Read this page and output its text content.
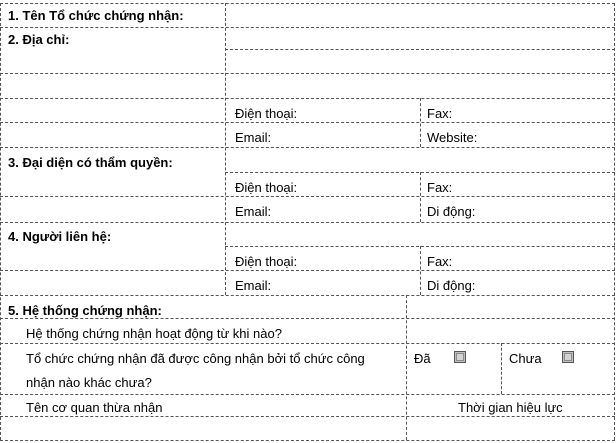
1. Tên Tổ chức chứng nhận:
2. Địa chỉ:
Điện thoại:	Fax:
Email:	Website:
3. Đại diện có thẩm quyền:
Điện thoại:	Fax:
Email:	Di động:
4. Người liên hệ:
Điện thoại:	Fax:
Email:	Di động:
5. Hệ thống chứng nhận:
Hệ thống chứng nhận hoạt động từ khi nào?
Tổ chức chứng nhận đã được công nhận bởi tổ chức công
nhận nào khác chưa?
Đã	Chưa
Tên cơ quan thừa nhận	Thời gian hiệu lực
